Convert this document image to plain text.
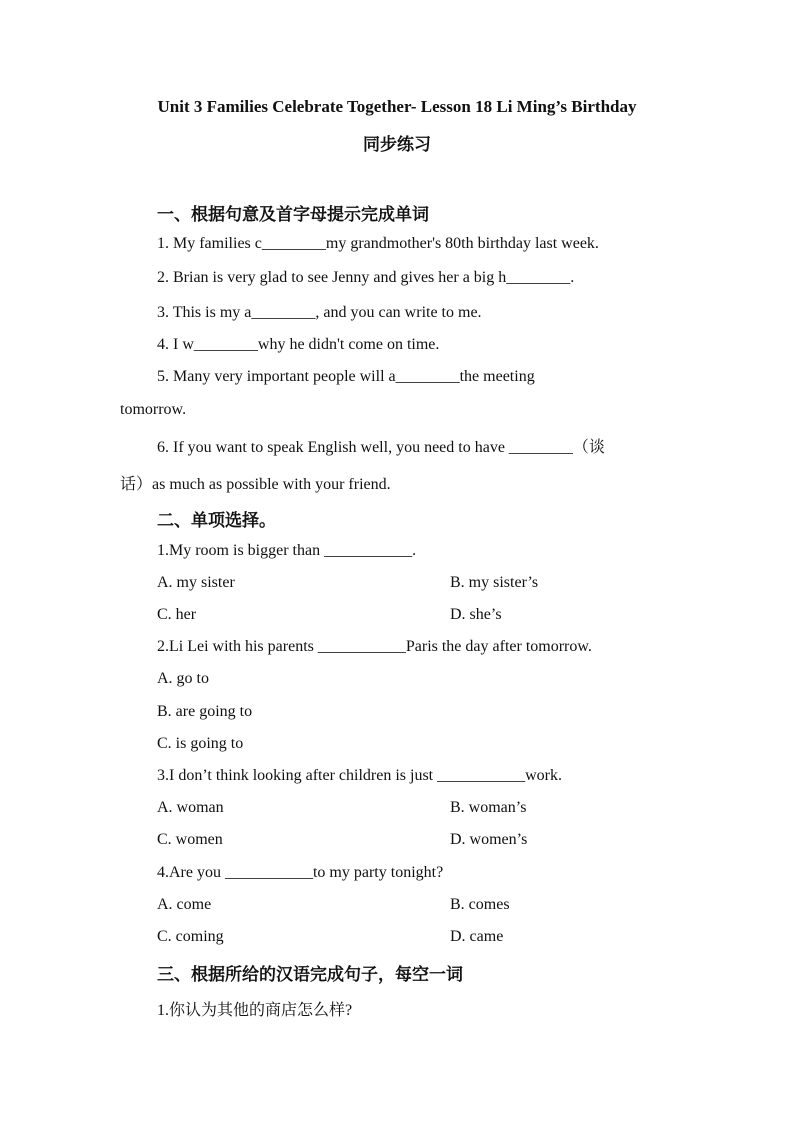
Unit 3 Families Celebrate Together- Lesson 18 Li Ming’s Birthday
同步练习
一、根据句意及首字母提示完成单词
1. My families c________my grandmother's 80th birthday last week.
2. Brian is very glad to see Jenny and gives her a big h________.
3. This is my a________, and you can write to me.
4. I w________why he didn't come on time.
5. Many very important people will a________the meeting
tomorrow.
6. If you want to speak English well, you need to have ________（谈
话）as much as possible with your friend.
二、单项选择。
1.My room is bigger than ___________.
A. my sister	B. my sister’s
C. her	D. she’s
2.Li Lei with his parents ___________Paris the day after tomorrow.
A. go to
B. are going to
C. is going to
3.I don’t think looking after children is just ___________work.
A. woman	B. woman’s
C. women	D. women’s
4.Are you ___________to my party tonight?
A. come	B. comes
C. coming	D. came
三、根据所给的汉语完成句子，每空一词
1.你认为其他的商店怎么样?
